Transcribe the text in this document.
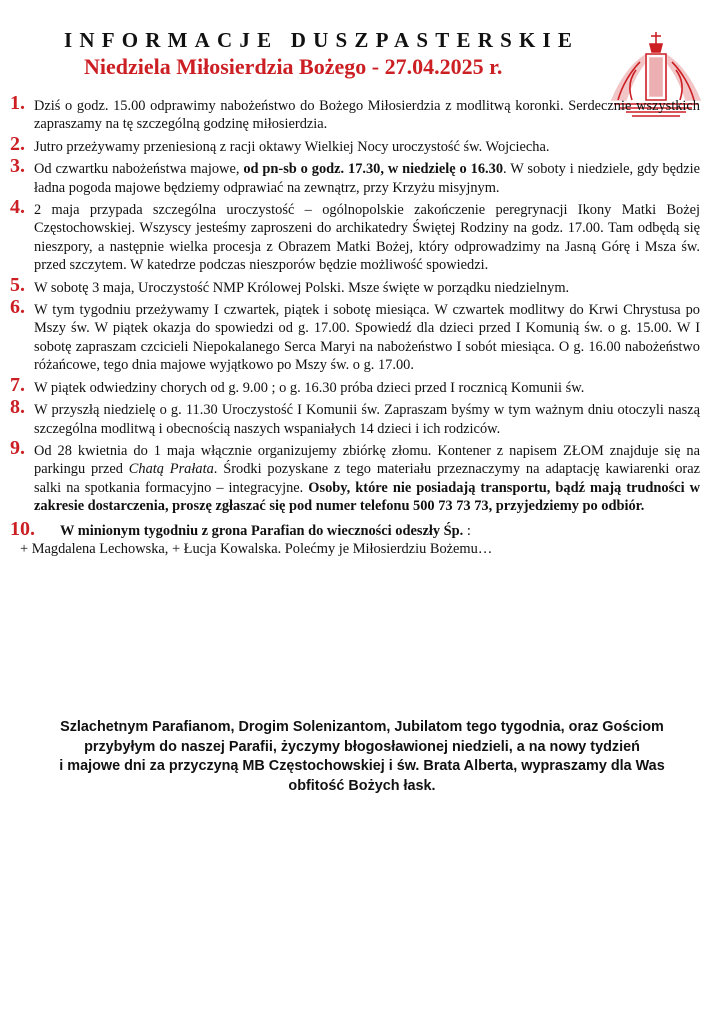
INFORMACJE DUSZPASTERSKIE
Niedziela Miłosierdzia Bożego - 27.04.2025 r.
1. Dziś o godz. 15.00 odprawimy nabożeństwo do Bożego Miłosierdzia z modlitwą koronki. Serdecznie wszystkich zapraszamy na tę szczególną godzinę miłosierdzia.
2. Jutro przeżywamy przeniesioną z racji oktawy Wielkiej Nocy uroczystość św. Wojciecha.
3. Od czwartku nabożeństwa majowe, od pn-sb o godz. 17.30, w niedzielę o 16.30. W soboty i niedziele, gdy będzie ładna pogoda majowe będziemy odprawiać na zewnątrz, przy Krzyżu misyjnym.
4. 2 maja przypada szczególna uroczystość – ogólnopolskie zakończenie peregrynacji Ikony Matki Bożej Częstochowskiej. Wszyscy jesteśmy zaproszeni do archikatedry Świętej Rodziny na godz. 17.00. Tam odbędą się nieszpory, a następnie wielka procesja z Obrazem Matki Bożej, który odprowadzimy na Jasną Górę i Msza św. przed szczytem. W katedrze podczas nieszporów będzie możliwość spowiedzi.
5. W sobotę 3 maja, Uroczystość NMP Królowej Polski. Msze święte w porządku niedzielnym.
6. W tym tygodniu przeżywamy I czwartek, piątek i sobotę miesiąca. W czwartek modlitwy do Krwi Chrystusa po Mszy św. W piątek okazja do spowiedzi od g. 17.00. Spowiedź dla dzieci przed I Komunią św. o g. 15.00. W I sobotę zapraszam czcicieli Niepokalanego Serca Maryi na nabożeństwo I sobót miesiąca. O g. 16.00 nabożeństwo różańcowe, tego dnia majowe wyjątkowo po Mszy św. o g. 17.00.
7. W piątek odwiedziny chorych od g. 9.00 ; o g. 16.30 próba dzieci przed I rocznicą Komunii św.
8. W przyszłą niedzielę o g. 11.30 Uroczystość I Komunii św. Zapraszam byśmy w tym ważnym dniu otoczyli naszą szczególna modlitwą i obecnością naszych wspaniałych 14 dzieci i ich rodziców.
9. Od 28 kwietnia do 1 maja włącznie organizujemy zbiórkę złomu. Kontener z napisem ZŁOM znajduje się na parkingu przed Chatą Prałata. Środki pozyskane z tego materiału przeznaczymy na adaptację kawiarenki oraz salki na spotkania formacyjno – integracyjne. Osoby, które nie posiadają transportu, bądź mają trudności w zakresie dostarczenia, proszę zgłaszać się pod numer telefonu 500 73 73 73, przyjedziemy po odbiór.
10. W minionym tygodniu z grona Parafian do wieczności odeszły Śp. :
+ Magdalena Lechowska, + Łucja Kowalska. Polećmy je Miłosierdziu Bożemu…
Szlachetnym Parafianom, Drogim Solenizantom, Jubilatom tego tygodnia, oraz Gościom
przybyłym do naszej Parafii, życzymy błogosławionej niedzieli, a na nowy tydzień
i majowe dni za przyczyną MB Częstochowskiej i św. Brata Alberta, wypraszamy dla Was
obfitość Bożych łask.
